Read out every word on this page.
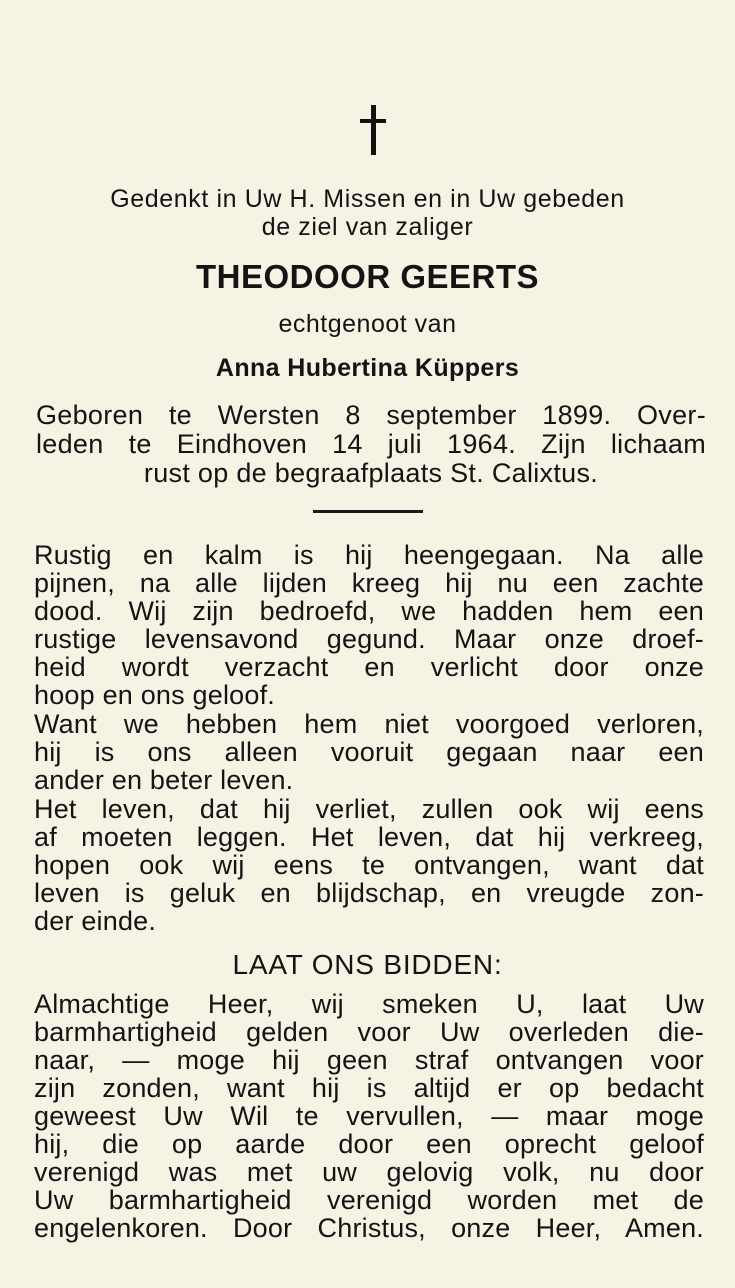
Gedenkt in Uw H. Missen en in Uw gebeden
de ziel van zaliger
THEODOOR GEERTS
echtgenoot van
Anna Hubertina Küppers
Geboren te Wersten 8 september 1899. Over-
leden te Eindhoven 14 juli 1964. Zijn lichaam
rust op de begraafplaats St. Calixtus.
Rustig en kalm is hij heengegaan. Na alle
pijnen, na alle lijden kreeg hij nu een zachte
dood. Wij zijn bedroefd, we hadden hem een
rustige levensavond gegund. Maar onze droef-
heid wordt verzacht en verlicht door onze
hoop en ons geloof.
Want we hebben hem niet voorgoed verloren,
hij is ons alleen vooruit gegaan naar een
ander en beter leven.
Het leven, dat hij verliet, zullen ook wij eens
af moeten leggen. Het leven, dat hij verkreeg,
hopen ook wij eens te ontvangen, want dat
leven is geluk en blijdschap, en vreugde zon-
der einde.
LAAT ONS BIDDEN:
Almachtige Heer, wij smeken U, laat Uw
barmhartigheid gelden voor Uw overleden die-
naar, — moge hij geen straf ontvangen voor
zijn zonden, want hij is altijd er op bedacht
geweest Uw Wil te vervullen, — maar moge
hij, die op aarde door een oprecht geloof
verenigd was met uw gelovig volk, nu door
Uw barmhartigheid verenigd worden met de
engelenkoren. Door Christus, onze Heer, Amen.
